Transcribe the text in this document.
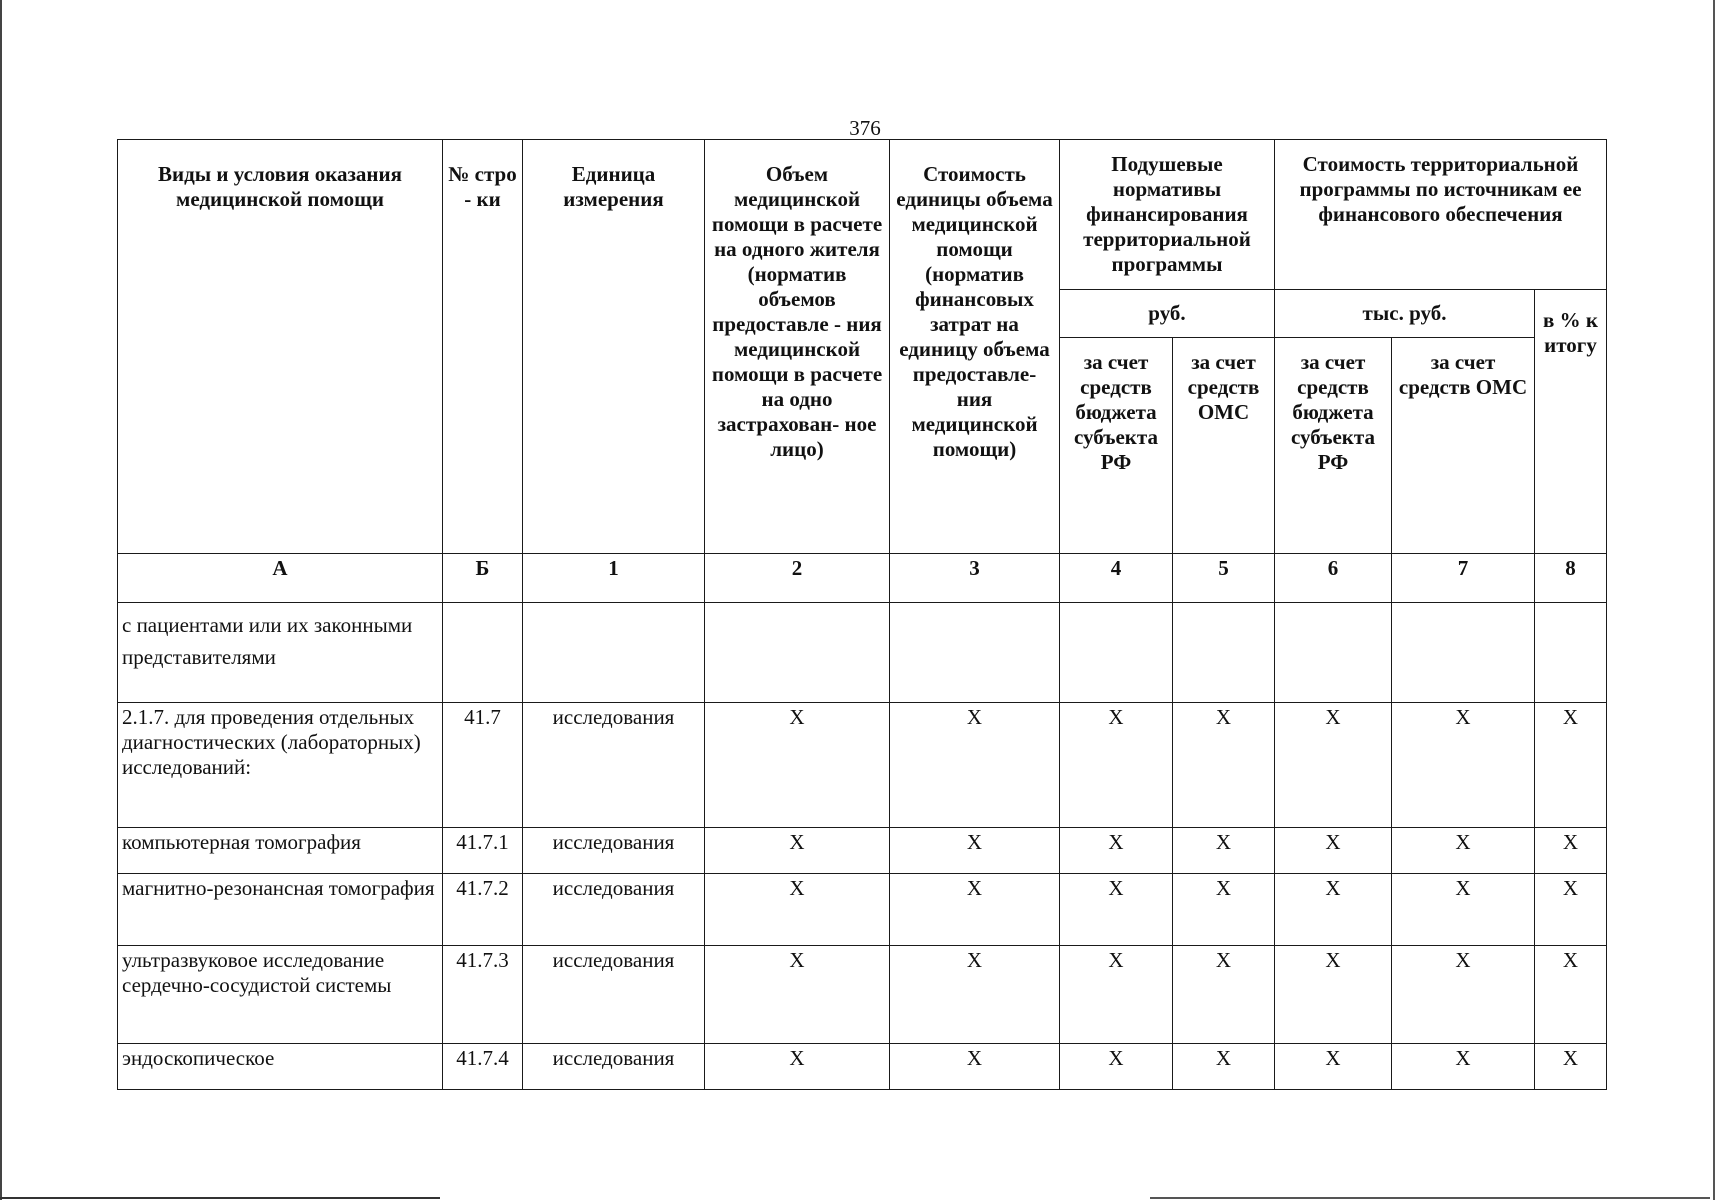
376
Виды и условия оказания медицинской помощи	№ стро - ки	Единица измерения	Объем медицинской помощи в расчете на одного жителя (норматив объемов предоставле - ния медицинской помощи в расчете на одно застрахован- ное лицо)	Стоимость единицы объема медицинской помощи (норматив финансовых затрат на единицу объема предоставле- ния медицинской помощи)	Подушевые нормативы финансирования территориальной программы		Стоимость территориальной программы по источникам ее финансового обеспечения		
					руб.		тыс. руб.		в % к итогу
					за счет средств бюджета субъекта РФ	за счет средств ОМС	за счет средств бюджета субъекта РФ	за счет средств ОМС	
А	Б	1	2	3	4	5	6	7	8
с пациентами или их законными представителями									
2.1.7. для проведения отдельных диагностических (лабораторных) исследований:	41.7	исследования	X	X	X	X	X	X	X
компьютерная томография	41.7.1	исследования	X	X	X	X	X	X	X
магнитно-резонансная томография	41.7.2	исследования	X	X	X	X	X	X	X
ультразвуковое исследование сердечно-сосудистой системы	41.7.3	исследования	X	X	X	X	X	X	X
эндоскопическое	41.7.4	исследования	X	X	X	X	X	X	X
